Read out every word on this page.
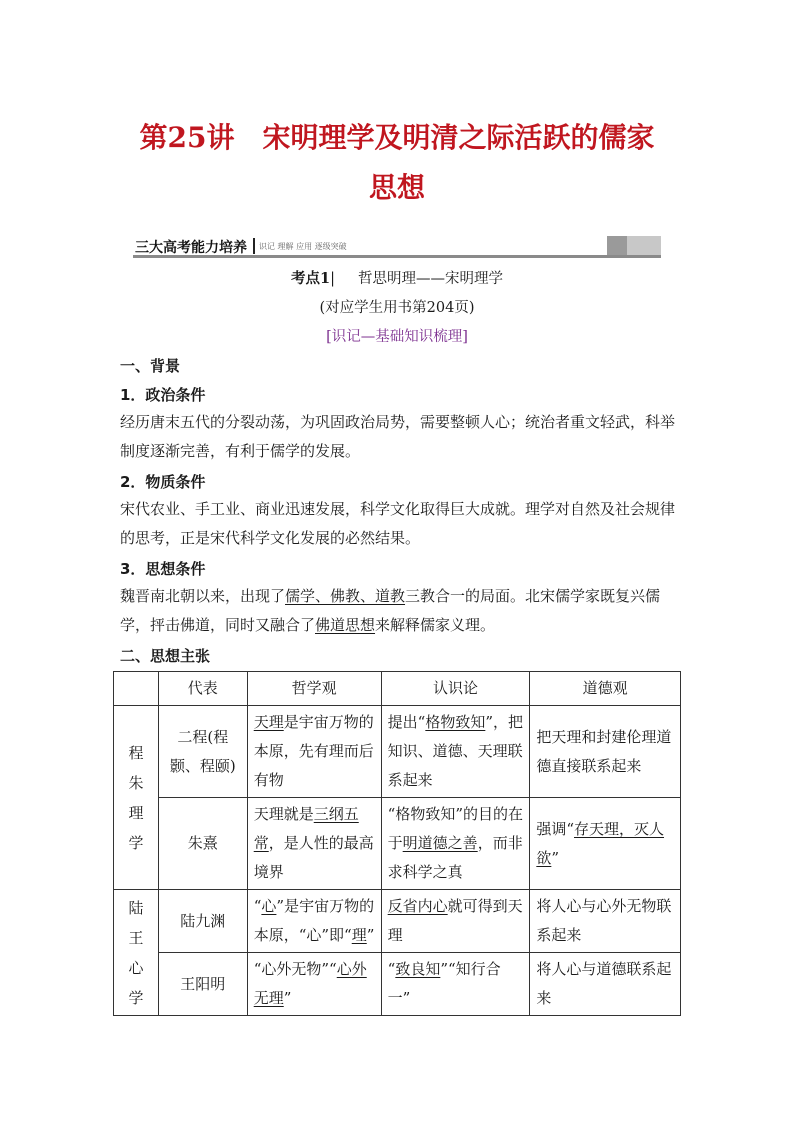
第25讲　宋明理学及明清之际活跃的儒家
思想
三大高考能力培养 识记 理解 应用 逐级突破
考点1| 哲思明理——宋明理学
(对应学生用书第204页)
[识记—基础知识梳理]
一、背景
1．政治条件
经历唐末五代的分裂动荡，为巩固政治局势，需要整顿人心；统治者重文轻武，科举制度逐渐完善，有利于儒学的发展。
2．物质条件
宋代农业、手工业、商业迅速发展，科学文化取得巨大成就。理学对自然及社会规律的思考，正是宋代科学文化发展的必然结果。
3．思想条件
魏晋南北朝以来，出现了儒学、佛教、道教三教合一的局面。北宋儒学家既复兴儒学，抨击佛道，同时又融合了佛道思想来解释儒家义理。
二、思想主张
	代表	哲学观	认识论	道德观
程朱理学	二程(程颢、程颐)	天理是宇宙万物的本原，先有理而后有物	提出“格物致知”，把知识、道德、天理联系起来	把天理和封建伦理道德直接联系起来
	朱熹	天理就是三纲五常，是人性的最高境界	“格物致知”的目的在于明道德之善，而非求科学之真	强调“存天理，灭人欲”
陆王心学	陆九渊	“心”是宇宙万物的本原，“心”即“理”	反省内心就可得到天理	将人心与心外无物联系起来
	王阳明	“心外无物”“心外无理”	“致良知”“知行合一”	将人心与道德联系起来
